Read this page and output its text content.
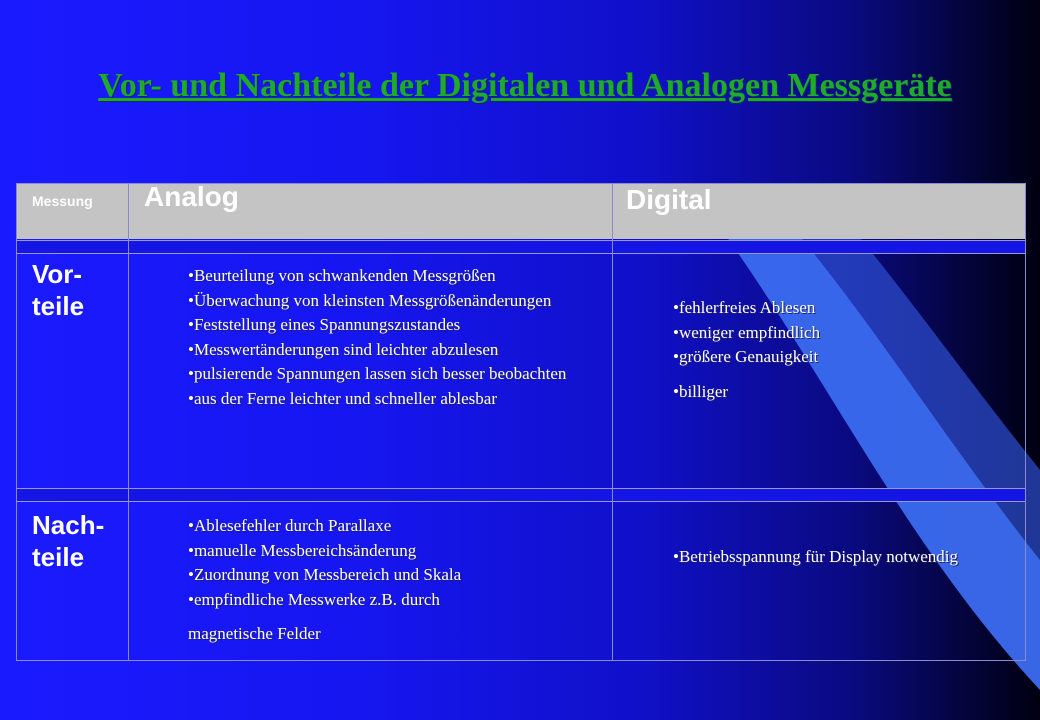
Vor- und Nachteile der Digitalen und Analogen Messgeräte
Messung Analog	Digital
Vor-
teile
• Beurteilung von schwankenden Messgrößen
• Überwachung von kleinsten Messgrößenänderungen
• Feststellung eines Spannungszustandes
• Messwertänderungen sind leichter abzulesen
• pulsierende Spannungen lassen sich besser beobachten
• aus der Ferne leichter und schneller ablesbar
• fehlerfreies Ablesen
• weniger empfindlich
• größere Genauigkeit
• billiger
Nach-
teile
• Ablesefehler durch Parallaxe
• manuelle Messbereichsänderung
• Zuordnung von Messbereich und Skala
• empfindliche Messwerke z.B. durch
magnetische Felder
• Betriebsspannung für Display notwendig
